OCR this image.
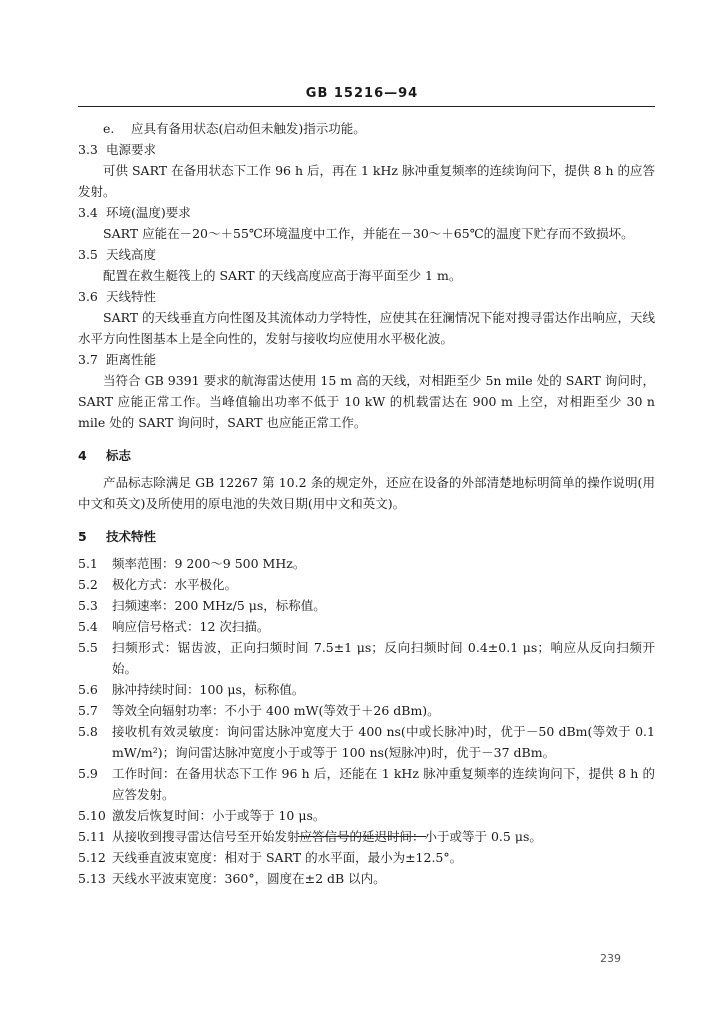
GB 15216—94
e.	应具有备用状态(启动但未触发)指示功能。
3.3 电源要求

可供 SART 在备用状态下工作 96 h 后，再在 1 kHz 脉冲重复频率的连续询问下，提供 8 h 的应答发射。

3.4 环境(温度)要求

SART 应能在－20～＋55℃环境温度中工作，并能在－30～＋65℃的温度下贮存而不致损坏。

3.5 天线高度

配置在救生艇筏上的 SART 的天线高度应高于海平面至少 1 m。

3.6 天线特性

SART 的天线垂直方向性图及其流体动力学特性，应使其在狂澜情况下能对搜寻雷达作出响应，天线水平方向性图基本上是全向性的，发射与接收均应使用水平极化波。

3.7 距离性能

当符合 GB 9391 要求的航海雷达使用 15 m 高的天线，对相距至少 5n mile 处的 SART 询问时，SART 应能正常工作。当峰值输出功率不低于 10 kW 的机载雷达在 900 m 上空，对相距至少 30 n mile 处的 SART 询问时，SART 也应能正常工作。

4	标志

产品标志除满足 GB 12267 第 10.2 条的规定外，还应在设备的外部清楚地标明简单的操作说明(用中文和英文)及所使用的原电池的失效日期(用中文和英文)。

5	技术特性
5.1	频率范围：9 200～9 500 MHz。
5.2	极化方式：水平极化。
5.3	扫频速率：200 MHz/5 μs，标称值。
5.4	响应信号格式：12 次扫描。
5.5	扫频形式：锯齿波，正向扫频时间 7.5±1 μs；反向扫频时间 0.4±0.1 μs；响应从反向扫频开始。
5.6	脉冲持续时间：100 μs，标称值。
5.7	等效全向辐射功率：不小于 400 mW(等效于＋26 dBm)。
5.8	接收机有效灵敏度：询问雷达脉冲宽度大于 400 ns(中或长脉冲)时，优于－50 dBm(等效于 0.1 mW/m²)；询问雷达脉冲宽度小于或等于 100 ns(短脉冲)时，优于－37 dBm。
5.9	工作时间：在备用状态下工作 96 h 后，还能在 1 kHz 脉冲重复频率的连续询问下，提供 8 h 的应答发射。
5.10 激发后恢复时间：小于或等于 10 μs。
5.11 从接收到搜寻雷达信号至开始发射应答信号的延迟时间：小于或等于 0.5 μs。
5.12 天线垂直波束宽度：相对于 SART 的水平面，最小为±12.5°。
5.13 天线水平波束宽度：360°，圆度在±2 dB 以内。
239
